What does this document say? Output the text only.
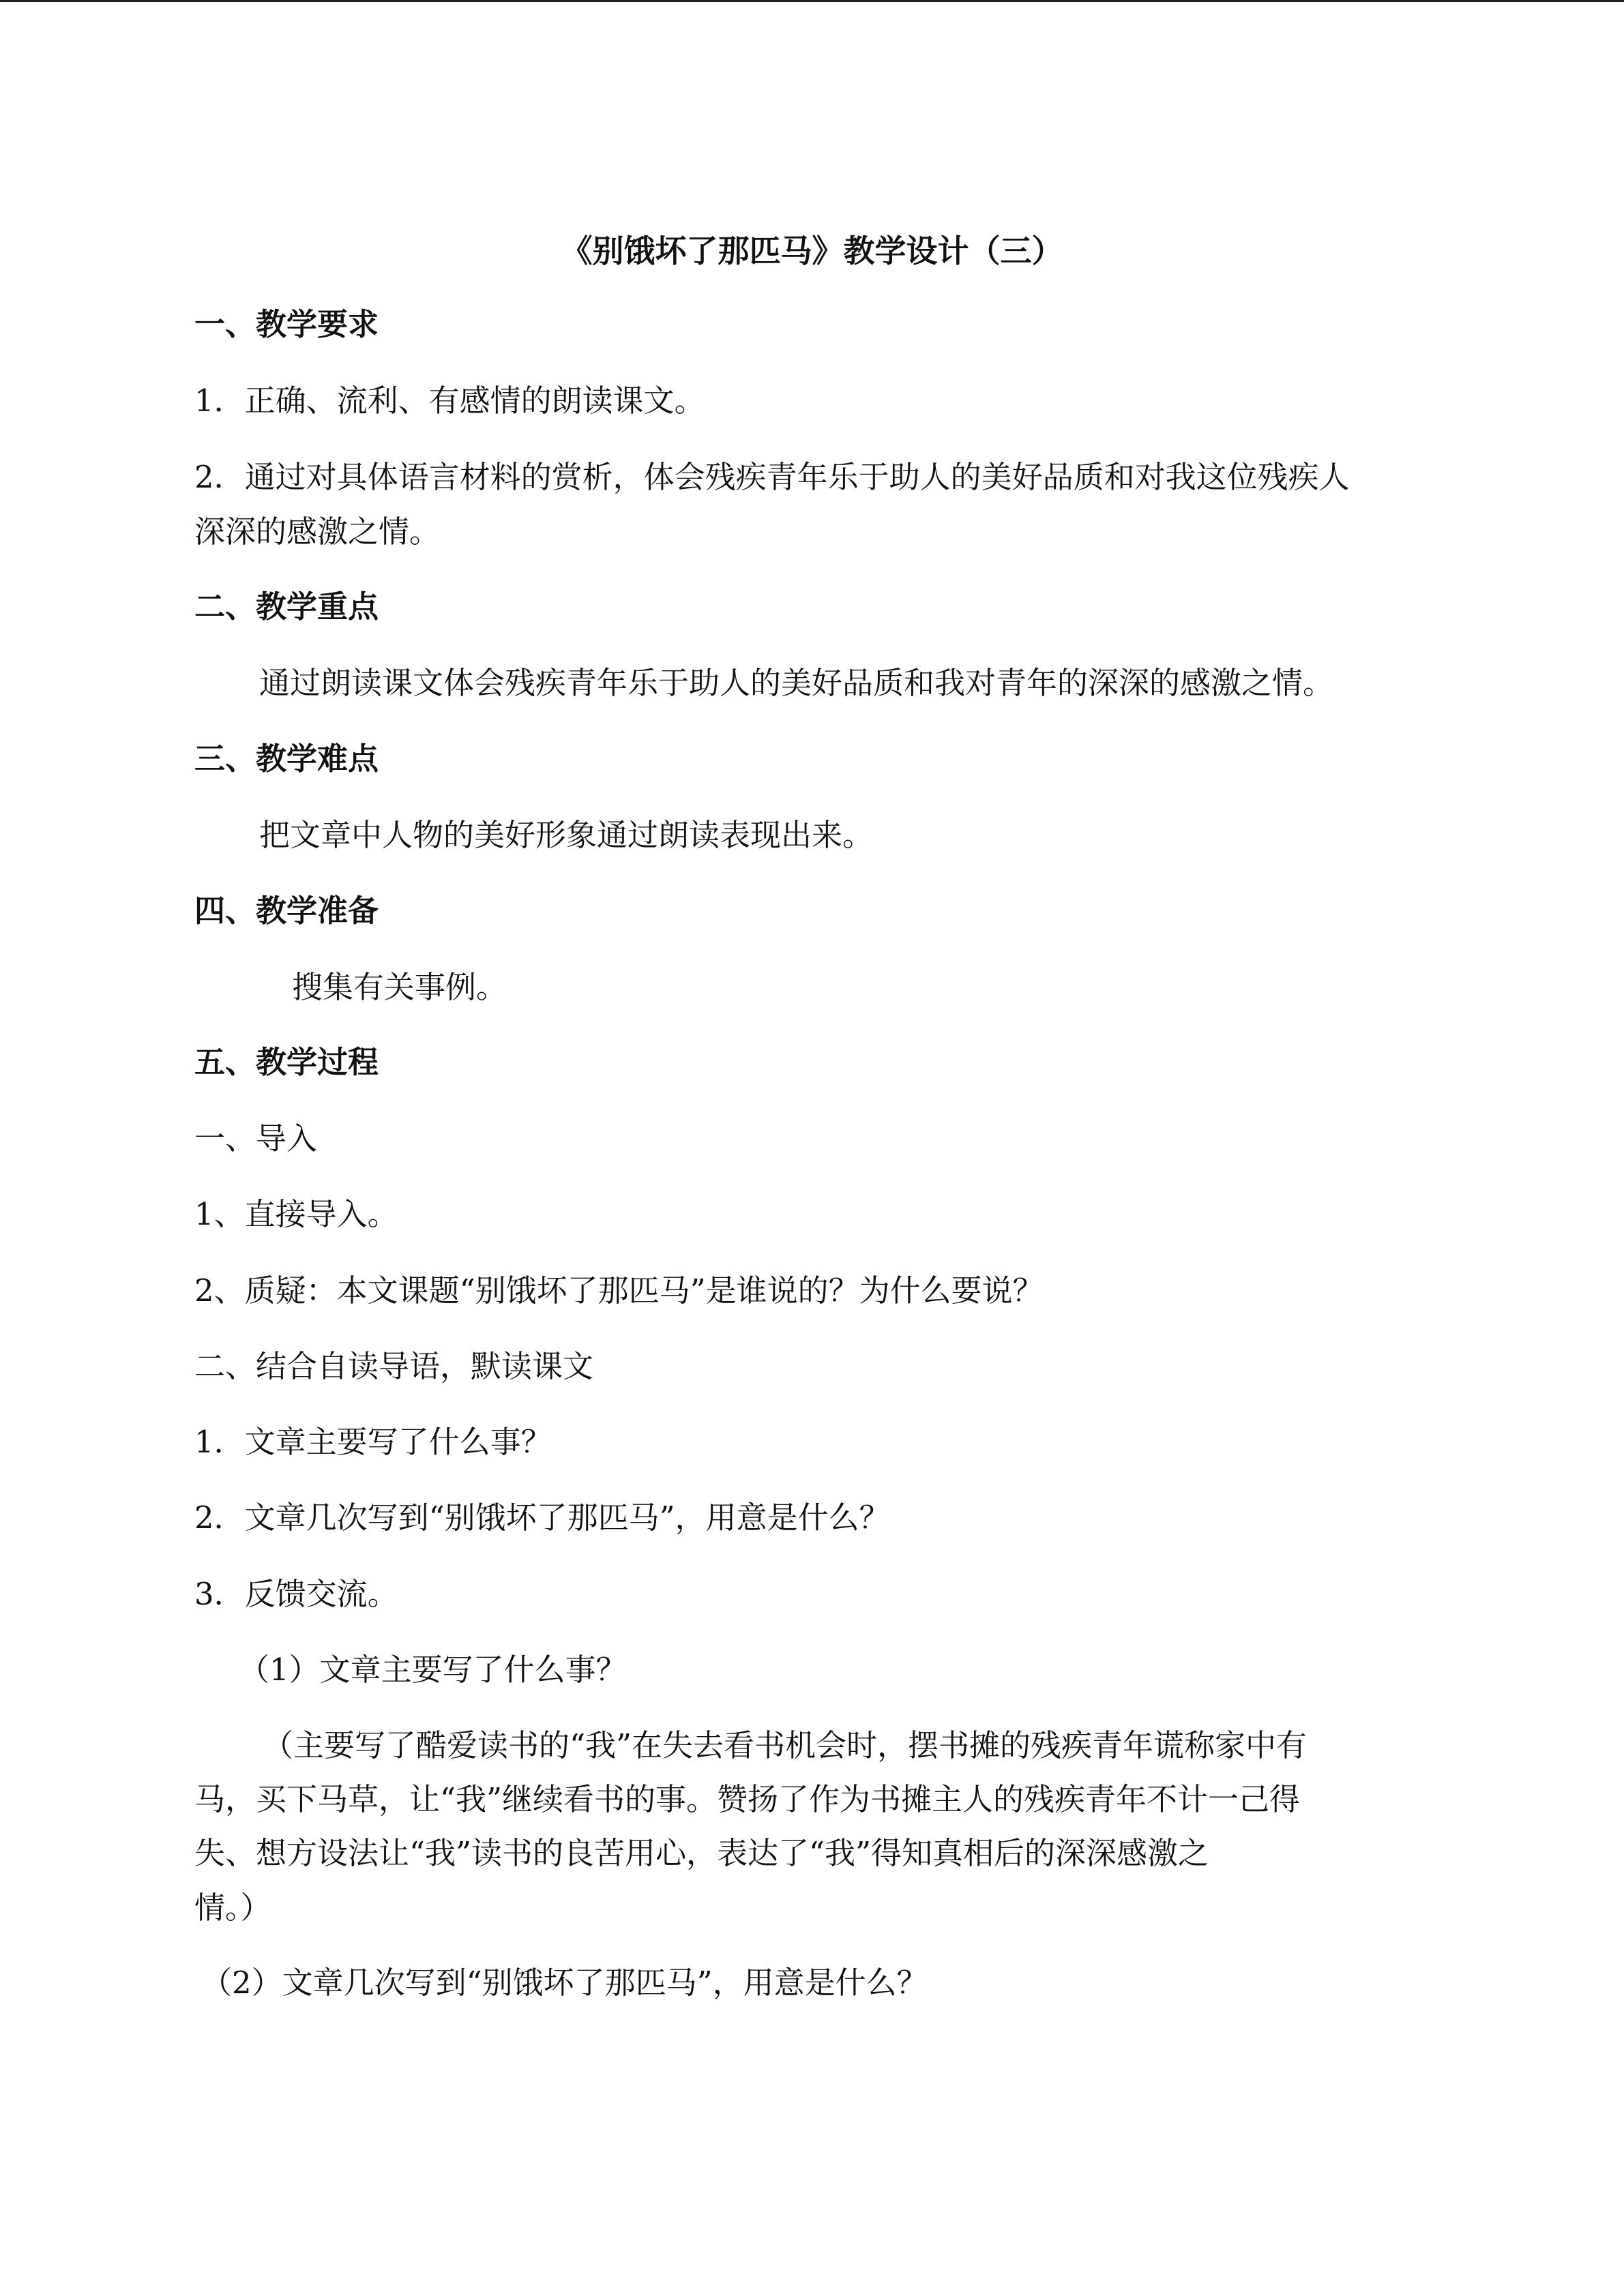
《别饿坏了那匹马》教学设计（三）
一、教学要求
1．正确、流利、有感情的朗读课文。
2．通过对具体语言材料的赏析，体会残疾青年乐于助人的美好品质和对我这位残疾人
深深的感激之情。
二、教学重点
通过朗读课文体会残疾青年乐于助人的美好品质和我对青年的深深的感激之情。
三、教学难点
把文章中人物的美好形象通过朗读表现出来。
四、教学准备
搜集有关事例。
五、教学过程
一、导入
1、直接导入。
2、质疑：本文课题“别饿坏了那匹马”是谁说的？为什么要说？
二、结合自读导语，默读课文
1．文章主要写了什么事？
2．文章几次写到“别饿坏了那匹马”，用意是什么？
3．反馈交流。
（1）文章主要写了什么事？
（主要写了酷爱读书的“我”在失去看书机会时，摆书摊的残疾青年谎称家中有
马，买下马草，让“我”继续看书的事。赞扬了作为书摊主人的残疾青年不计一己得
失、想方设法让“我”读书的良苦用心，表达了“我”得知真相后的深深感激之
情。）
（2）文章几次写到“别饿坏了那匹马”，用意是什么？
